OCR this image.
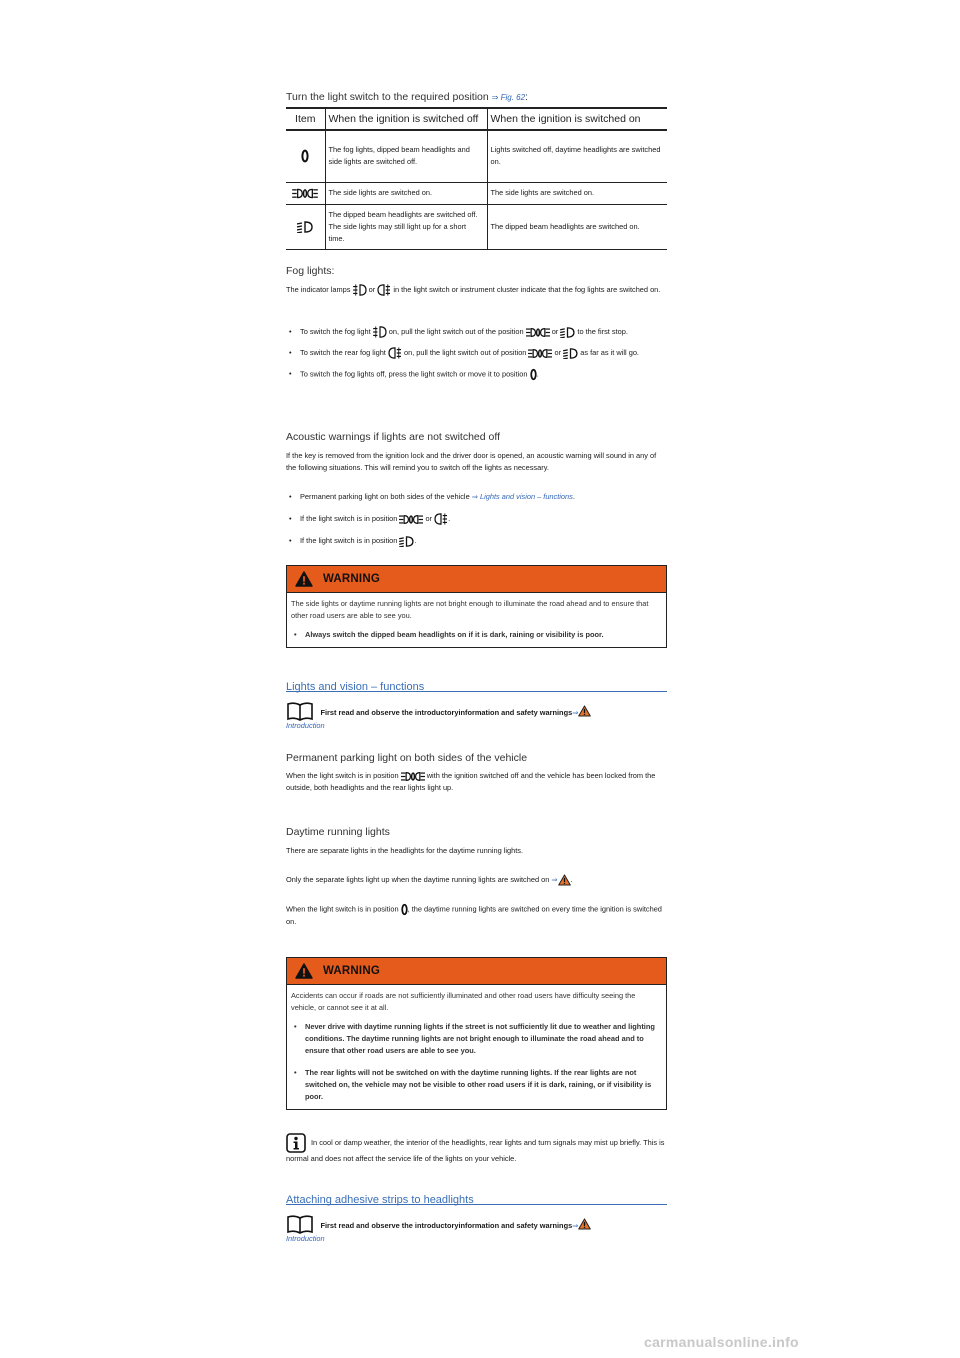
Turn the light switch to the required position ⇒ Fig. 62:
Item	When the ignition is switched off	When the ignition is switched on
	The fog lights, dipped beam headlights and side lights are switched off.	Lights switched off, daytime headlights are switched on.
	The side lights are switched on.	The side lights are switched on.
	The dipped beam headlights are switched off. The side lights may still light up for a short time.	The dipped beam headlights are switched on.
Fog lights:
The indicator lamps or in the light switch or instrument cluster indicate that the fog lights are switched on.
• To switch the fog light on, pull the light switch out of the position	or	to the first stop.
• To switch the rear fog light on, pull the light switch out of position	or	as far as it will go.
• To switch the fog lights off, press the light switch or move it to position .
Acoustic warnings if lights are not switched off
If the key is removed from the ignition lock and the driver door is opened, an acoustic warning will sound in any of the following situations. This will remind you to switch off the lights as necessary.
• Permanent parking light on both sides of the vehicle ⇒ Lights and vision – functions.
• If the light switch is in position	or .
• If the light switch is in position .
WARNING
The side lights or daytime running lights are not bright enough to illuminate the road ahead and to ensure that other road users are able to see you.
• Always switch the dipped beam headlights on if it is dark, raining or visibility is poor.
Lights and vision – functions
First read and observe the introductoryinformation and safety warnings⇒
Introduction
Permanent parking light on both sides of the vehicle
When the light switch is in position	with the ignition switched off and the vehicle has been locked from the outside, both headlights and the rear lights light up.
Daytime running lights
There are separate lights in the headlights for the daytime running lights.
Only the separate lights light up when the daytime running lights are switched on ⇒ .
When the light switch is in position , the daytime running lights are switched on every time the ignition is switched on.
WARNING
Accidents can occur if roads are not sufficiently illuminated and other road users have difficulty seeing the vehicle, or cannot see it at all.
• Never drive with daytime running lights if the street is not sufficiently lit due to weather and lighting conditions. The daytime running lights are not bright enough to illuminate the road ahead and to ensure that other road users are able to see you.
• The rear lights will not be switched on with the daytime running lights. If the rear lights are not switched on, the vehicle may not be visible to other road users if it is dark, raining, or if visibility is poor.
In cool or damp weather, the interior of the headlights, rear lights and turn signals may mist up briefly. This is normal and does not affect the service life of the lights on your vehicle.
Attaching adhesive strips to headlights
First read and observe the introductoryinformation and safety warnings⇒
Introduction
carmanualsonline.info
